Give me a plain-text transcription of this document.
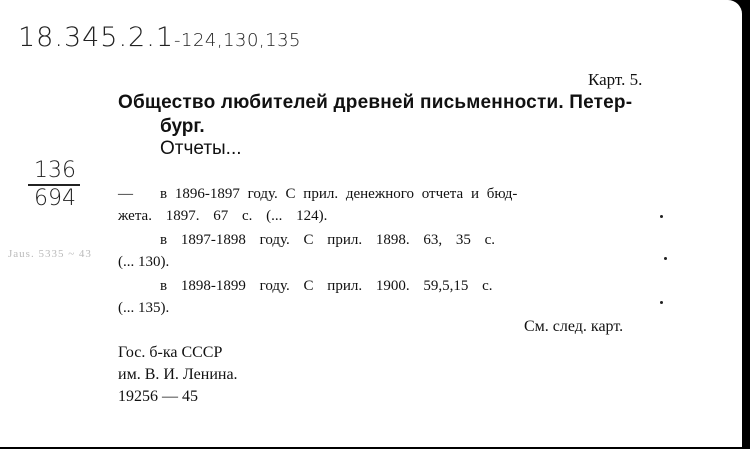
18.345.2.1-124,130,135
Карт. 5.
Общество любителей древней письменности. Петер-
бург.
Отчеты...
136
694	— в 1896-1897 году. С прил. денежного отчета и бюд-
жета. 1897. 67 с. (... 124).
в 1897-1898 году. С прил. 1898. 63, 35 с.
(... 130).
в 1898-1899 году. С прил. 1900. 59,5,15 с.
(... 135).
Jaus. 5335 ~ 43
См. след. карт.
Гос. б-ка СССР
им. В. И. Ленина.
19256 — 45
